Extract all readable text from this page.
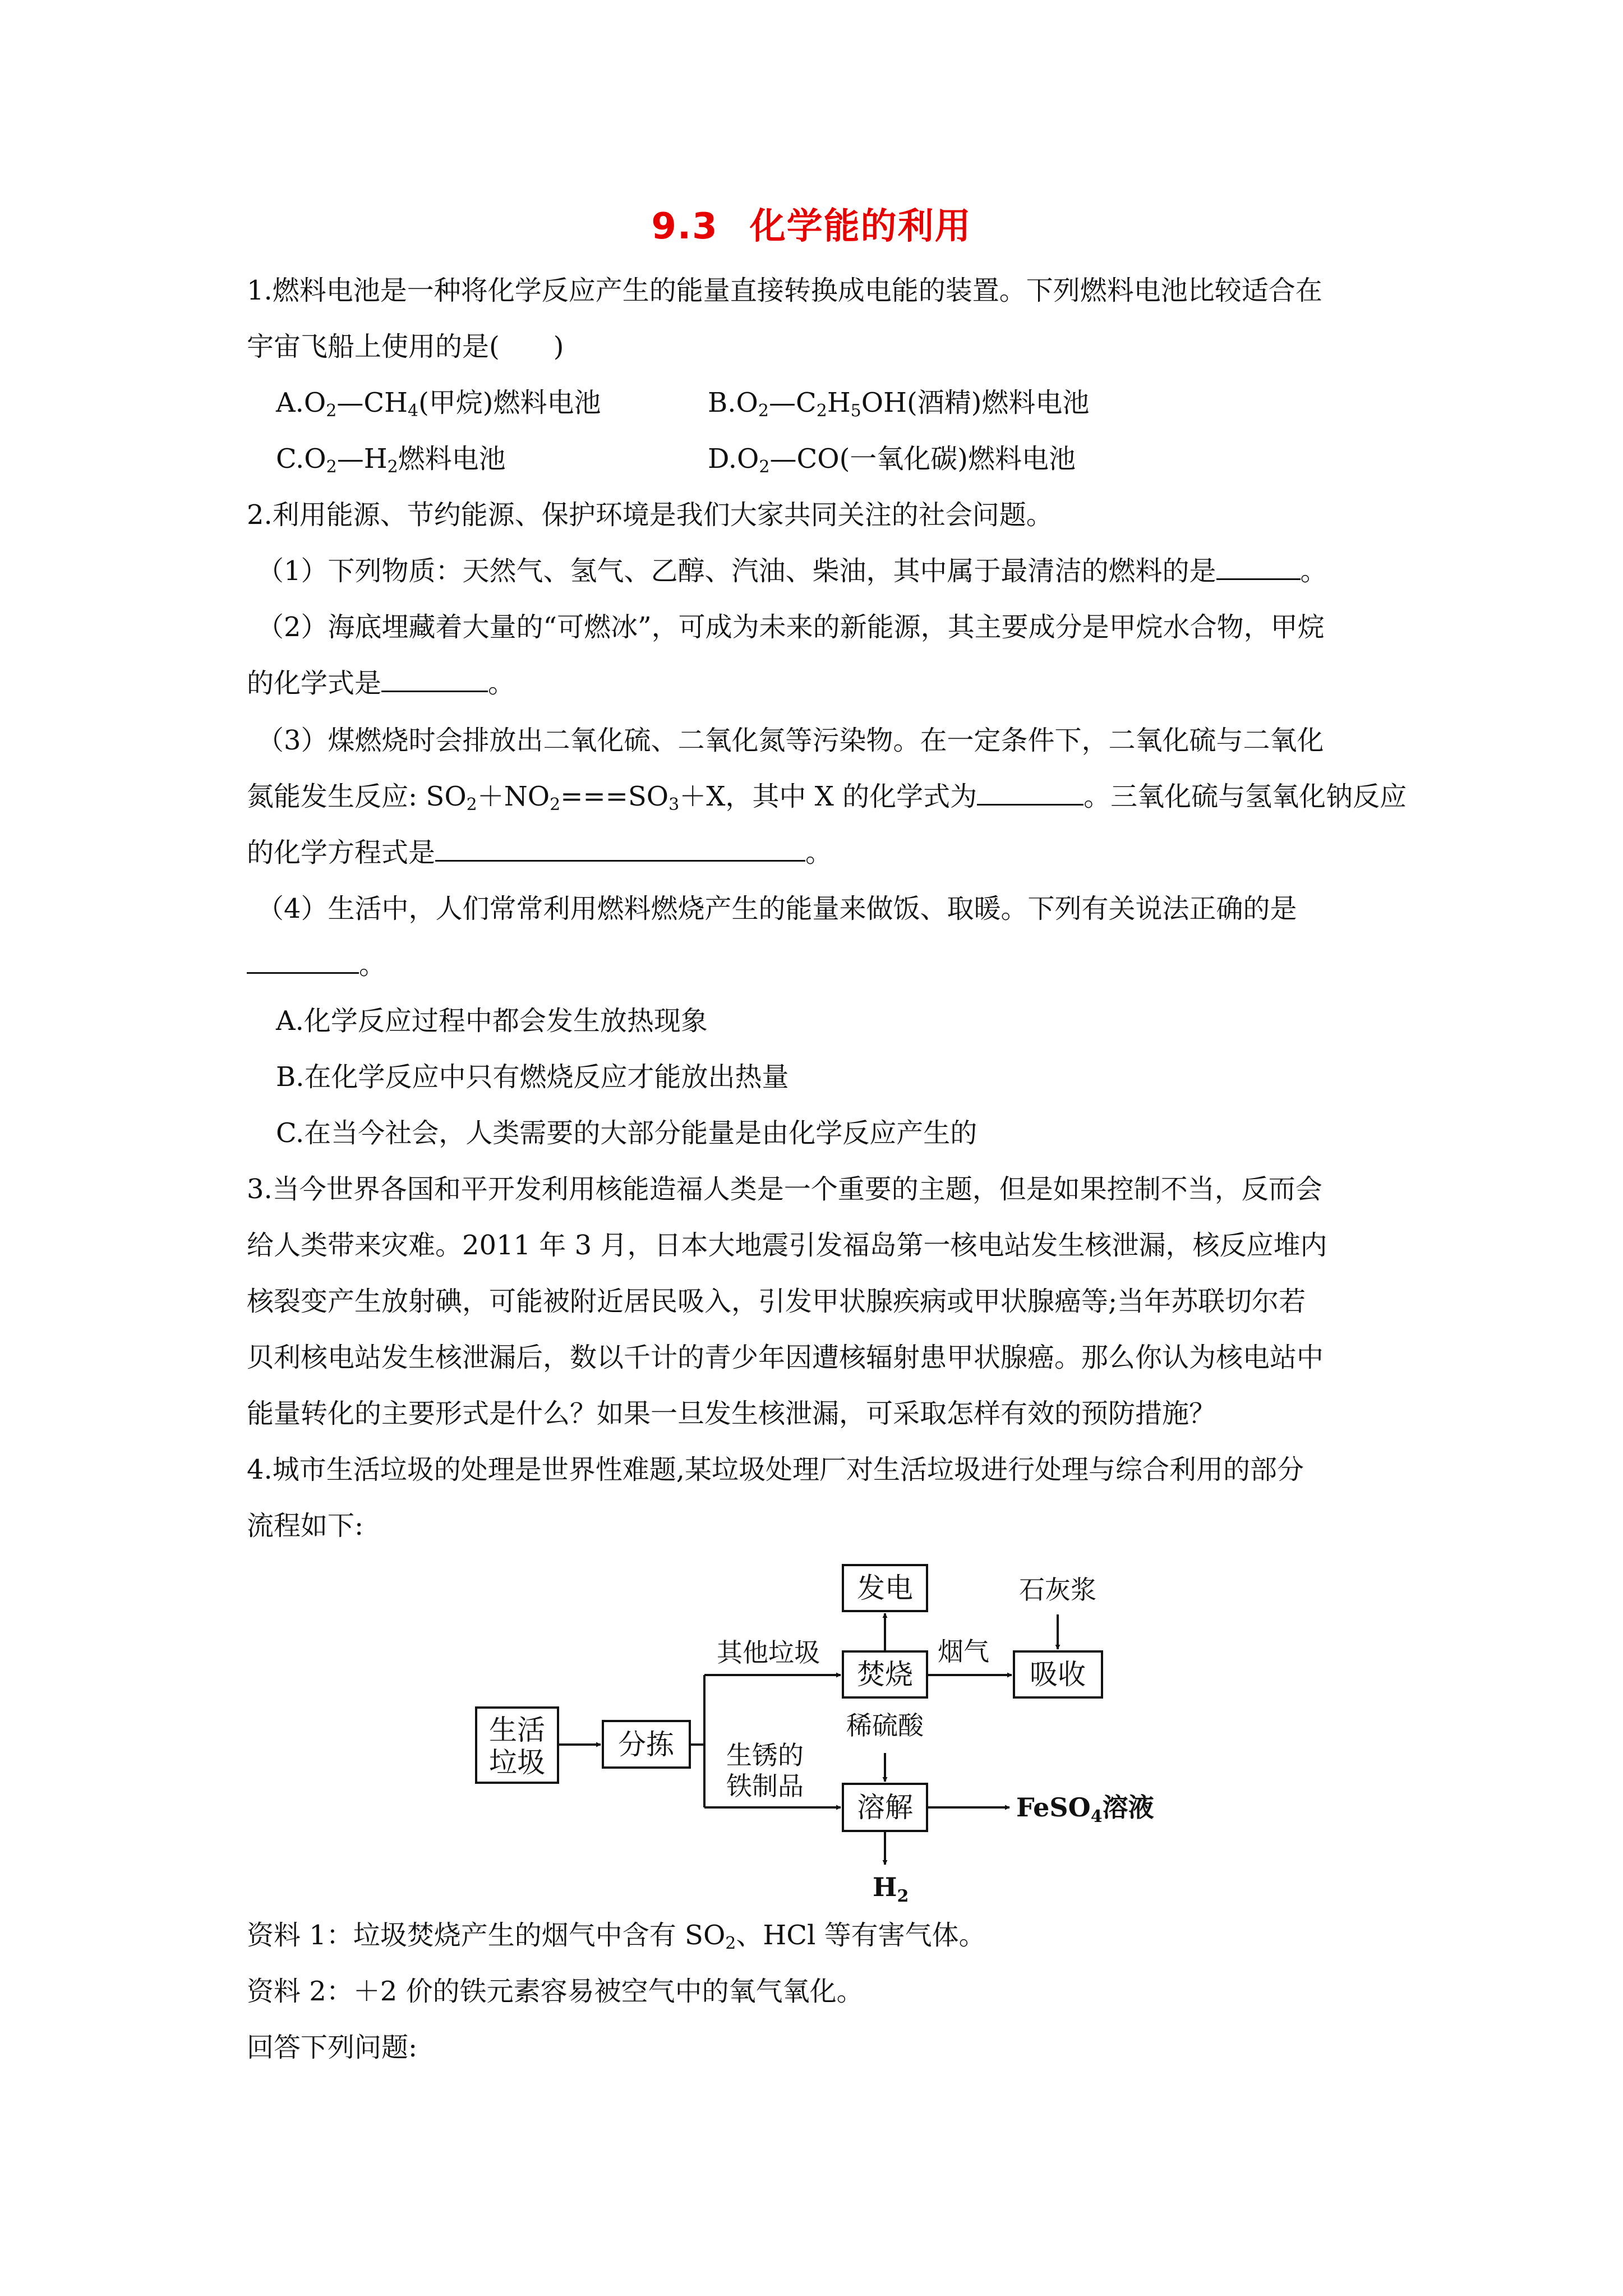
9.3 化学能的利用
1.燃料电池是一种将化学反应产生的能量直接转换成电能的装置。下列燃料电池比较适合在
宇宙飞船上使用的是(　　)
$A.O_2—CH_4$(甲烷)燃料电池	$B.O_2—C_2H_5OH$(酒精)燃料电池
$C.O_2—H_2$燃料电池	$D.O_2—CO$(一氧化碳)燃料电池
2.利用能源、节约能源、保护环境是我们大家共同关注的社会问题。
（1）下列物质：天然气、氢气、乙醇、汽油、柴油，其中属于最清洁的燃料的是	。
（2）海底埋藏着大量的“可燃冰”，可成为未来的新能源，其主要成分是甲烷水合物，甲烷
的化学式是	。
（3）煤燃烧时会排放出二氧化硫、二氧化氮等污染物。在一定条件下，二氧化硫与二氧化
氮能发生反应: $SO_2+NO_2===SO_3+X$，其中 X 的化学式为	。三氧化硫与氢氧化钠反应
的化学方程式是	。
（4）生活中，人们常常利用燃料燃烧产生的能量来做饭、取暖。下列有关说法正确的是
。
A.化学反应过程中都会发生放热现象
B.在化学反应中只有燃烧反应才能放出热量
C.在当今社会，人类需要的大部分能量是由化学反应产生的
3.当今世界各国和平开发利用核能造福人类是一个重要的主题，但是如果控制不当，反而会
给人类带来灾难。2011 年 3 月，日本大地震引发福岛第一核电站发生核泄漏，核反应堆内
核裂变产生放射碘，可能被附近居民吸入，引发甲状腺疾病或甲状腺癌等;当年苏联切尔若
贝利核电站发生核泄漏后，数以千计的青少年因遭核辐射患甲状腺癌。那么你认为核电站中
能量转化的主要形式是什么？如果一旦发生核泄漏，可采取怎样有效的预防措施？
4.城市生活垃圾的处理是世界性难题,某垃圾处理厂对生活垃圾进行处理与综合利用的部分
流程如下:
生活
垃圾
分拣
发电
焚烧	吸收
溶解
其他垃圾
石灰浆
烟气
稀硫酸
生锈的
铁制品
FeSO$_4$溶液
$H_2$
资料 1：垃圾焚烧产生的烟气中含有 $SO_2$、HCl 等有害气体。
资料 2：＋2 价的铁元素容易被空气中的氧气氧化。
回答下列问题:
